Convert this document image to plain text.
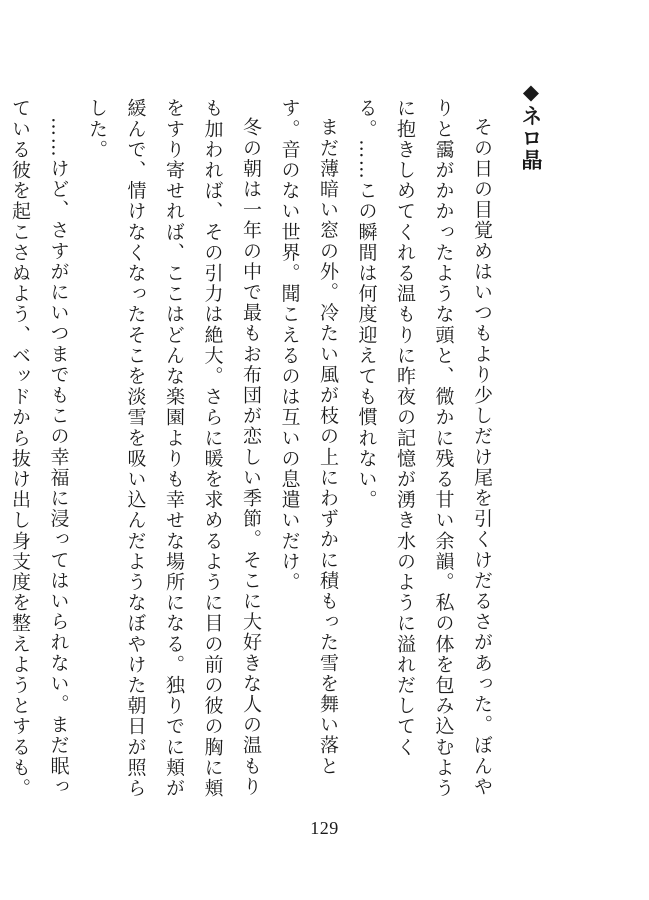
◆ネロ晶

その日の目覚めはいつもより少しだけ尾を引くけだるさがあった。ぼんやりと靄がかかったような頭と、微かに残る甘い余韻。私の体を包み込むように抱きしめてくれる温もりに昨夜の記憶が湧き水のように溢れだしてくる。……この瞬間は何度迎えても慣れない。

まだ薄暗い窓の外。冷たい風が枝の上にわずかに積もった雪を舞い落とす。音のない世界。聞こえるのは互いの息遣いだけ。

冬の朝は一年の中で最もお布団が恋しい季節。そこに大好きな人の温もりも加われば、その引力は絶大。さらに暖を求めるように目の前の彼の胸に頬をすり寄せれば、ここはどんな楽園よりも幸せな場所になる。独りでに頬が緩んで、情けなくなったそこを淡雪を吸い込んだようなぼやけた朝日が照らした。

……けど、さすがにいつまでもこの幸福に浸ってはいられない。まだ眠っている彼を起こさぬよう、ベッドから抜け出し身支度を整えようとするも。

129
